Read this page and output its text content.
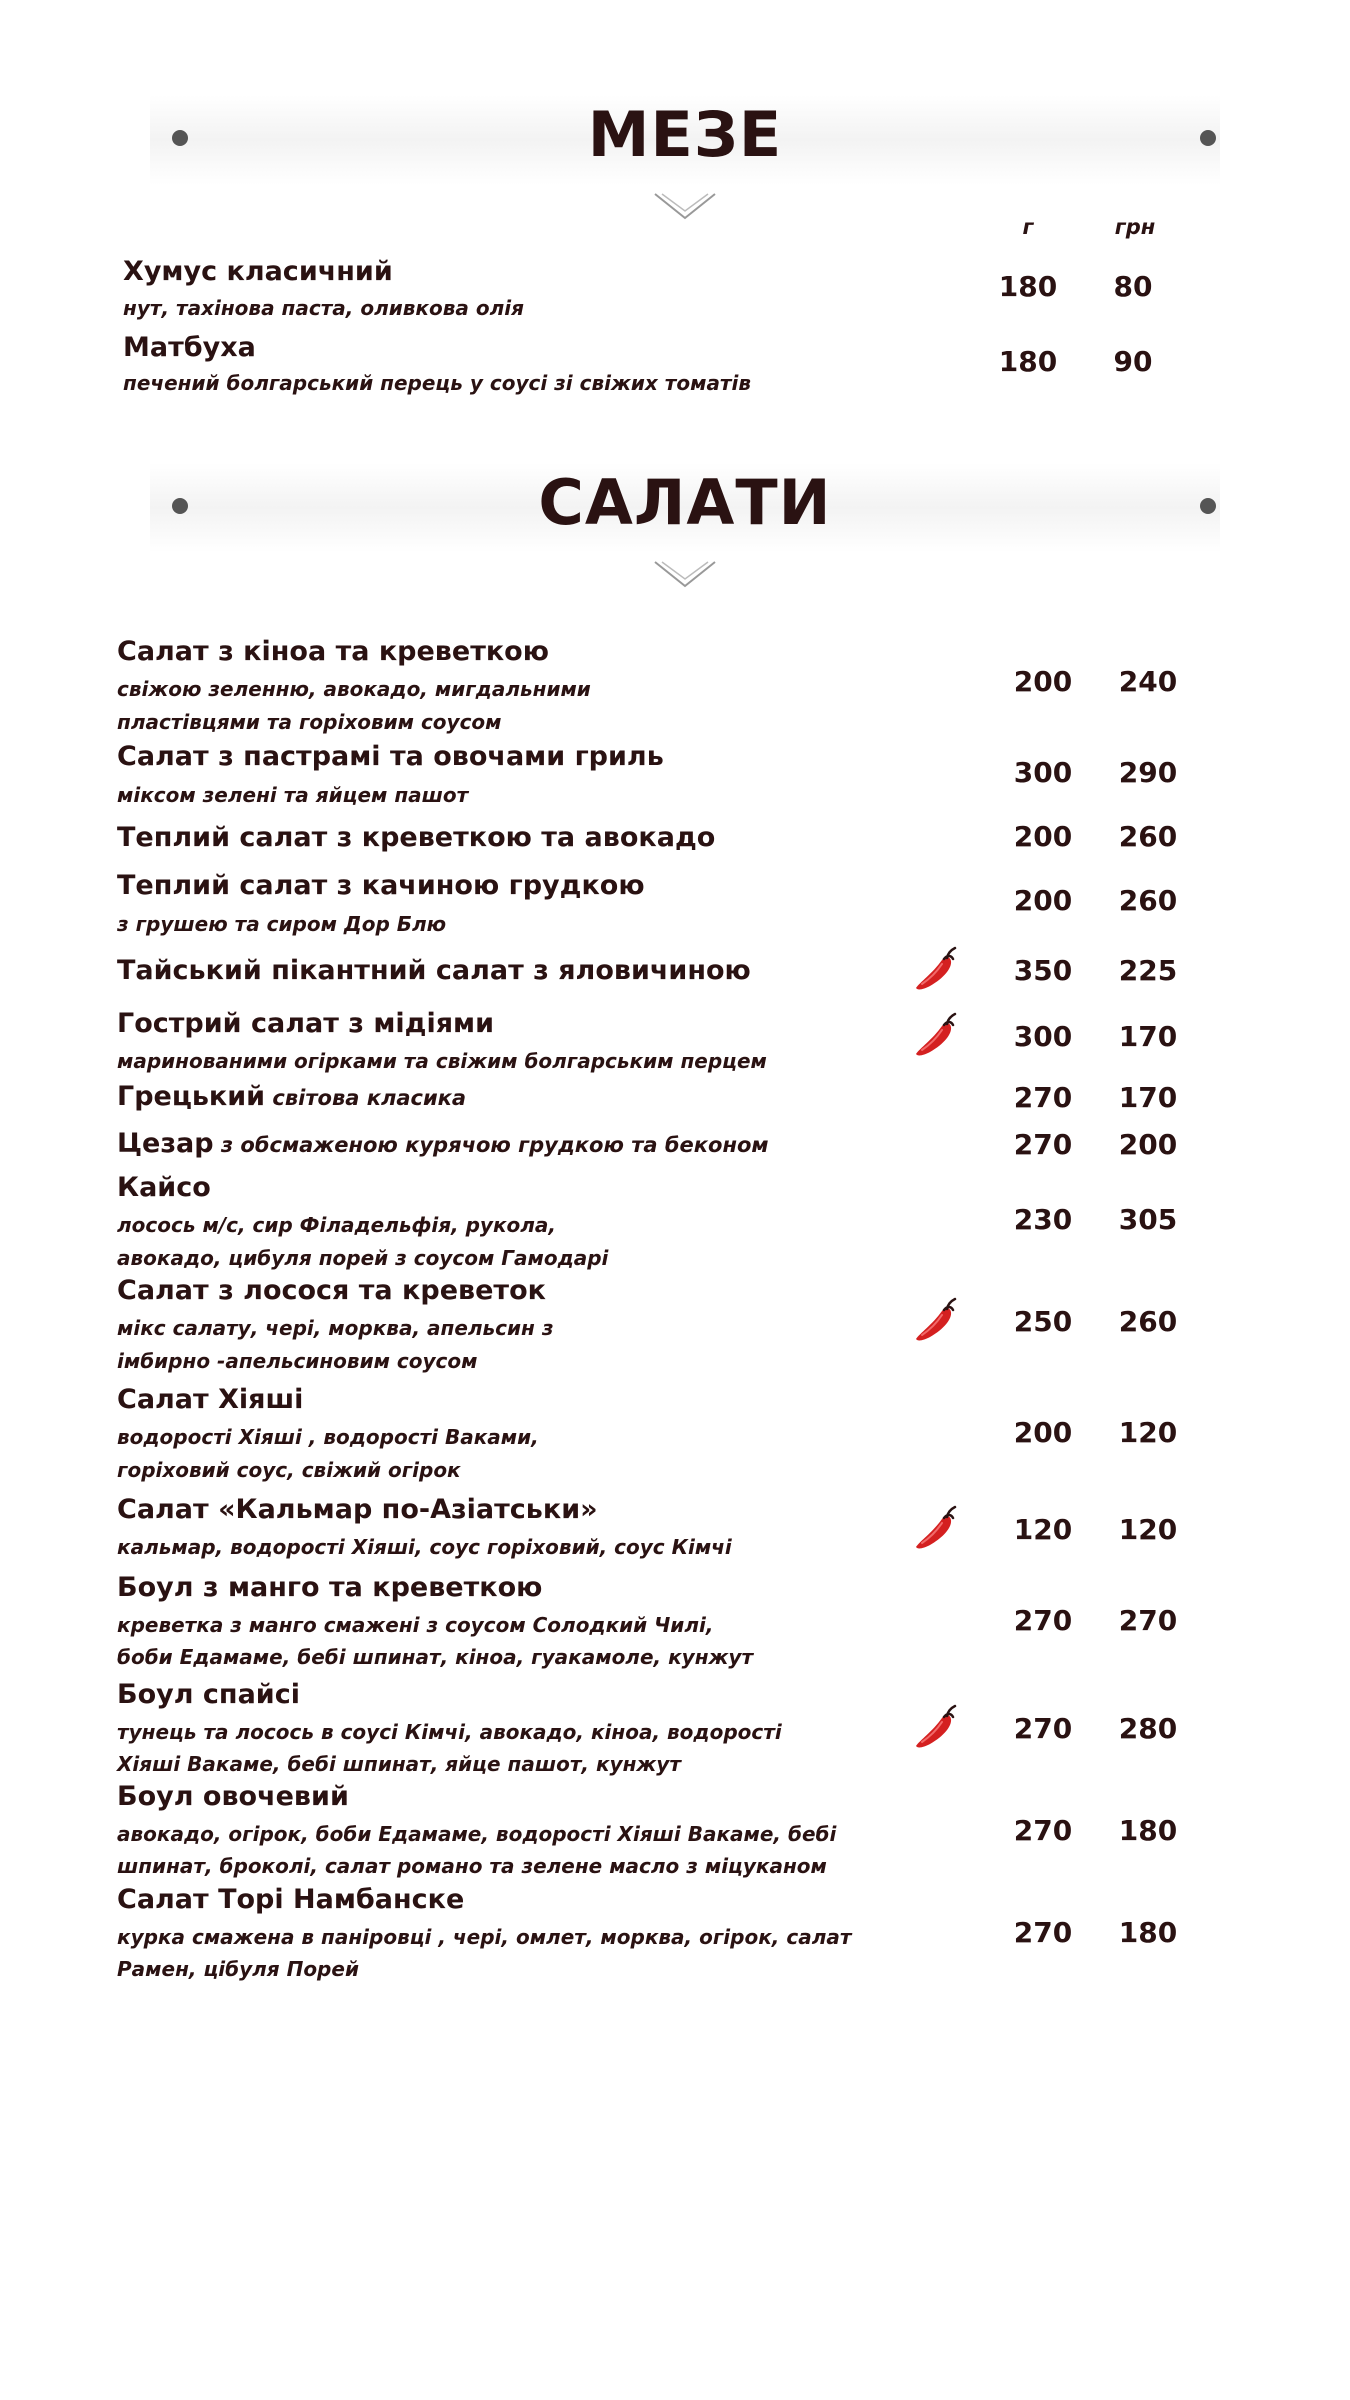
МЕЗЕ
г	грн
Хумус класичний
нут, тахінова паста, оливкова олія
180	80
Матбуха
печений болгарський перець у соусі зі свіжих томатів
180	90
САЛАТИ
Салат з кіноа та креветкою
свіжою зеленню, авокадо, мигдальними
пластівцями та горіховим соусом
200	240
Салат з пастрамі та овочами гриль
міксом зелені та яйцем пашот
300	290
Теплий салат з креветкою та авокадо	200	260
Теплий салат з качиною грудкою
з грушею та сиром Дор Блю
200	260
Тайський пікантний салат з яловичиною	350	225
Гострий салат з мідіями
маринованими огірками та свіжим болгарським перцем
300	170
Грецький світова класика	270	170
Цезар з обсмаженою курячою грудкою та беконом	270	200
Кайсо
лосось м/с, сир Філадельфія, рукола,
авокадо, цибуля порей з соусом Гамодарі
230	305
Салат з лосося та креветок
мікс салату, чері, морква, апельсин з
імбирно -апельсиновим соусом
250	260
Салат Хіяші
водорості Хіяші , водорості Ваками,
горіховий соус, свіжий огірок
200	120
Салат «Кальмар по-Азіатськи»
кальмар, водорості Хіяші, соус горіховий, соус Кімчі
120	120
Боул з манго та креветкою
креветка з манго смажені з соусом Солодкий Чилі,
боби Едамаме, бебі шпинат, кіноа, гуакамоле, кунжут
270	270
Боул спайсі
тунець та лосось в соусі Кімчі, авокадо, кіноа, водорості
Хіяші Вакаме, бебі шпинат, яйце пашот, кунжут
270	280
Боул овочевий
авокадо, огірок, боби Едамаме, водорості Хіяші Вакаме, бебі
шпинат, броколі, салат романо та зелене масло з міцуканом
270	180
Салат Торі Намбанске
курка смажена в паніровці , чері, омлет, морква, огірок, салат
Рамен, цібуля Порей
270	180
